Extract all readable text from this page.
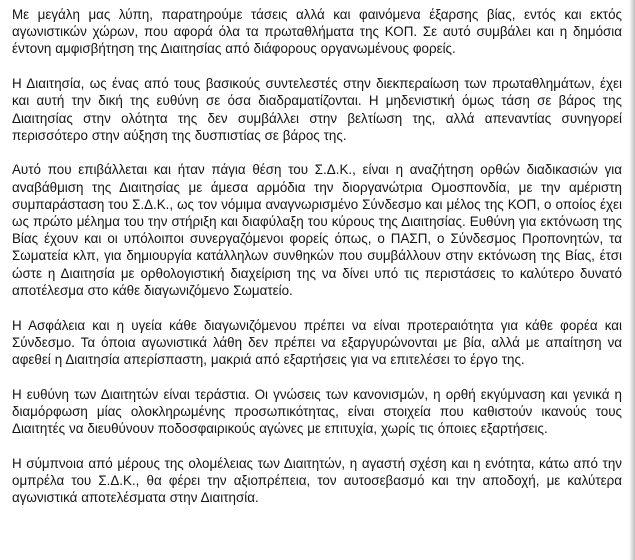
Με μεγάλη μας λύπη, παρατηρούμε τάσεις αλλά και φαινόμενα έξαρσης βίας, εντός και εκτός αγωνιστικών χώρων, που αφορά όλα τα πρωταθλήματα της ΚΟΠ. Σε αυτό συμβάλει και η δημόσια έντονη αμφισβήτηση της Διαιτησίας από διάφορους οργανωμένους φορείς.

Η Διαιτησία, ως ένας από τους βασικούς συντελεστές στην διεκπεραίωση των πρωταθλημάτων, έχει και αυτή την δική της ευθύνη σε όσα διαδραματίζονται. Η μηδενιστική όμως τάση σε βάρος της Διαιτησίας στην ολότητα της δεν συμβάλλει στην βελτίωση της, αλλά απεναντίας συνηγορεί περισσότερο στην αύξηση της δυσπιστίας σε βάρος της.

Αυτό που επιβάλλεται και ήταν πάγια θέση του Σ.Δ.Κ., είναι η αναζήτηση ορθών διαδικασιών για αναβάθμιση της Διαιτησίας με άμεσα αρμόδια την διοργανώτρια Ομοσπονδία, με την αμέριστη συμπαράσταση του Σ.Δ.Κ., ως τον νόμιμα αναγνωρισμένο Σύνδεσμο και μέλος της ΚΟΠ, ο οποίος έχει ως πρώτο μέλημα του την στήριξη και διαφύλαξη του κύρους της Διαιτησίας. Ευθύνη για εκτόνωση της Βίας έχουν και οι υπόλοιποι συνεργαζόμενοι φορείς όπως, ο ΠΑΣΠ, ο Σύνδεσμος Προπονητών, τα Σωματεία κλπ, για δημιουργία κατάλληλων συνθηκών που συμβάλλουν στην εκτόνωση της Βίας, έτσι ώστε η Διαιτησία με ορθολογιστική διαχείριση της να δίνει υπό τις περιστάσεις το καλύτερο δυνατό αποτέλεσμα στο κάθε διαγωνιζόμενο Σωματείο.

Η Ασφάλεια και η υγεία κάθε διαγωνιζόμενου πρέπει να είναι προτεραιότητα για κάθε φορέα και Σύνδεσμο. Τα όποια αγωνιστικά λάθη δεν πρέπει να εξαργυρώνονται με βία, αλλά με απαίτηση να αφεθεί η Διαιτησία απερίσπαστη, μακριά από εξαρτήσεις για να επιτελέσει το έργο της.

Η ευθύνη των Διαιτητών είναι τεράστια. Οι γνώσεις των κανονισμών, η ορθή εκγύμναση και γενικά η διαμόρφωση μίας ολοκληρωμένης προσωπικότητας, είναι στοιχεία που καθιστούν ικανούς τους Διαιτητές να διευθύνουν ποδοσφαιρικούς αγώνες με επιτυχία, χωρίς τις όποιες εξαρτήσεις.

Η σύμπνοια από μέρους της ολομέλειας των Διαιτητών, η αγαστή σχέση και η ενότητα, κάτω από την ομπρέλα του Σ.Δ.Κ., θα φέρει την αξιοπρέπεια, τον αυτοσεβασμό και την αποδοχή, με καλύτερα αγωνιστικά αποτελέσματα στην Διαιτησία.
